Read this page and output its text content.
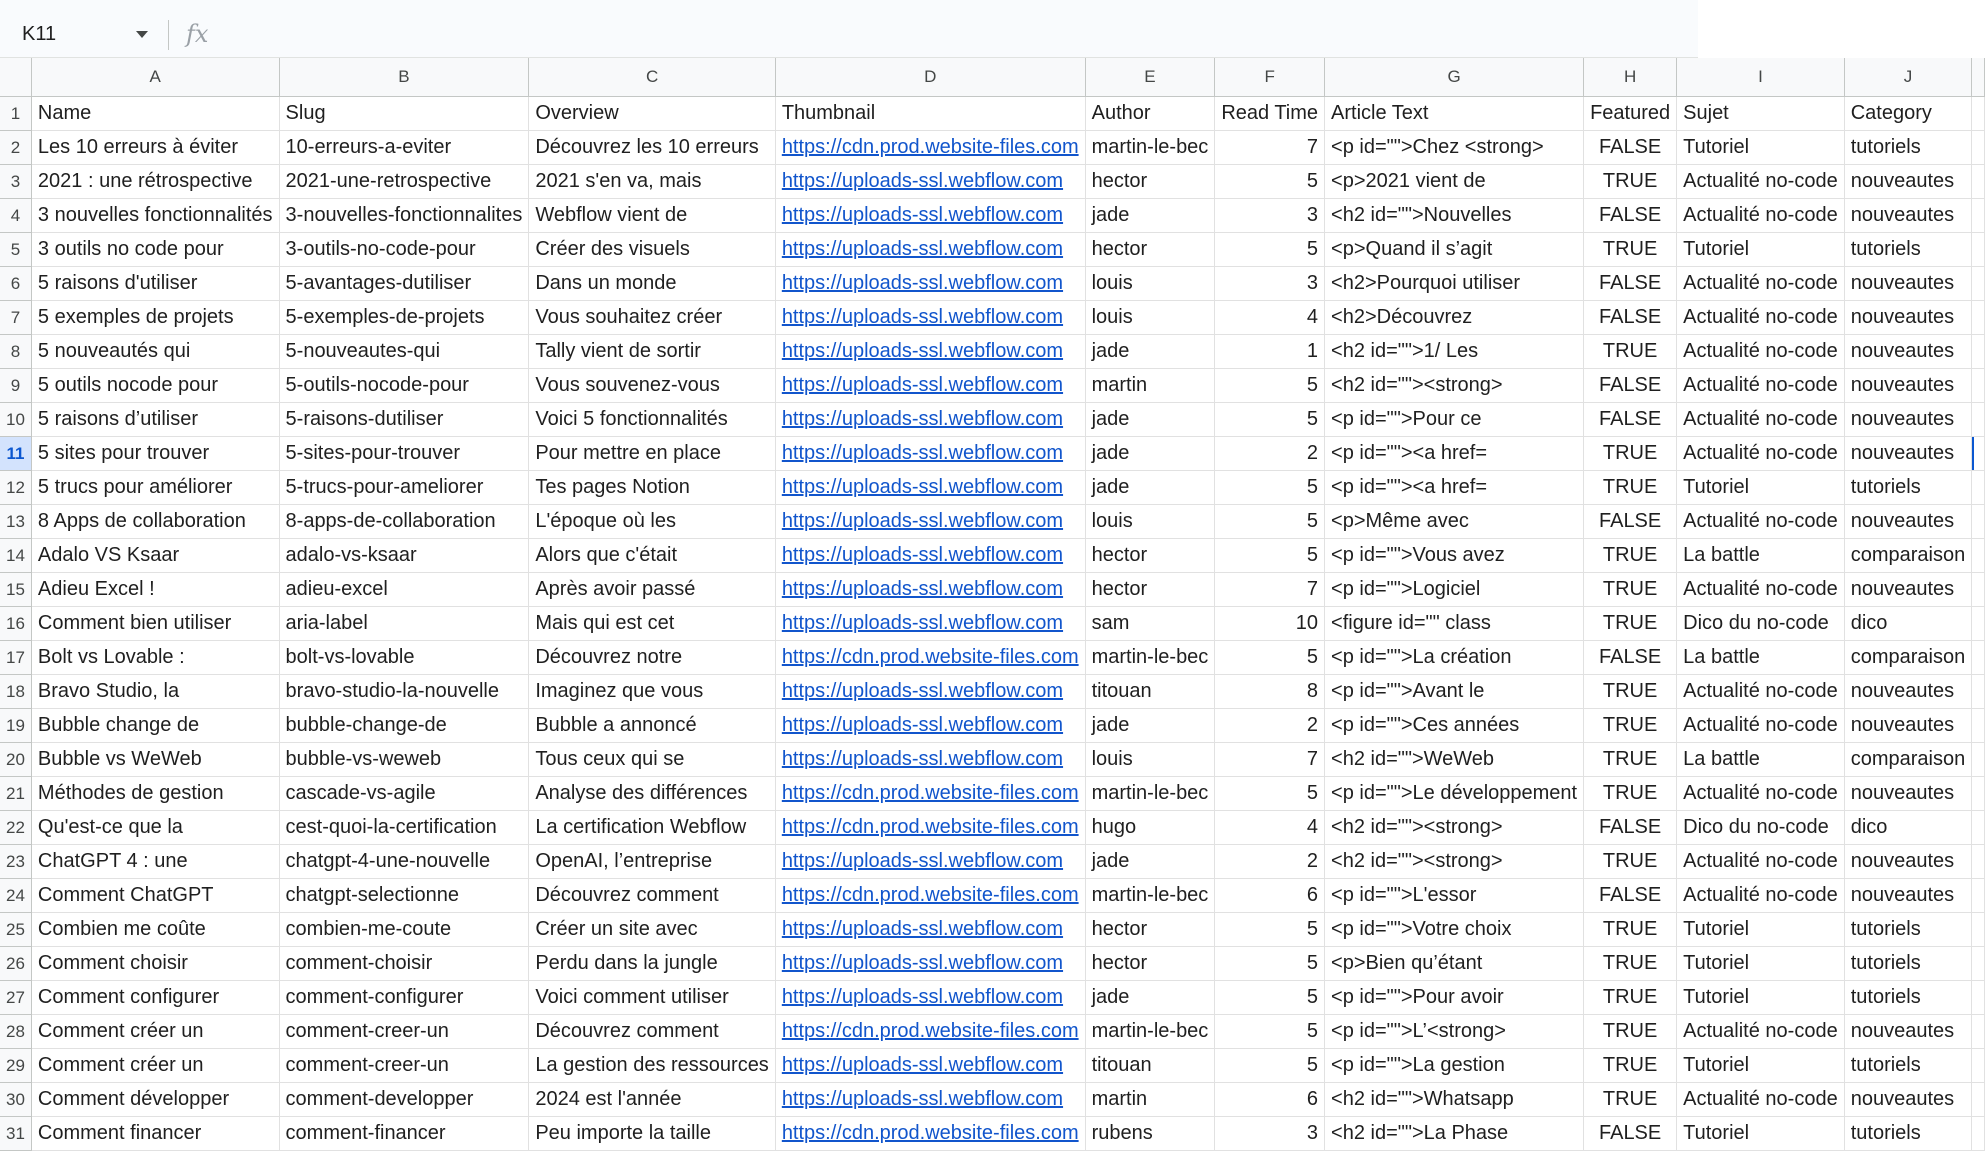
K11	fx
	A	B	C	D	E	F	G	H	I	J	
1	Name	Slug	Overview	Thumbnail	Author	Read Time	Article Text	Featured	Sujet	Category	
2	Les 10 erreurs à éviter	10-erreurs-a-eviter	Découvrez les 10 erreurs	https://cdn.prod.website-files.com	martin-le-bec	7	<p id="">Chez <strong>	FALSE	Tutoriel	tutoriels	
3	2021 : une rétrospective	2021-une-retrospective	2021 s'en va, mais	https://uploads-ssl.webflow.com	hector	5	<p>2021 vient de	TRUE	Actualité no-code	nouveautes	
4	3 nouvelles fonctionnalités	3-nouvelles-fonctionnalites	Webflow vient de	https://uploads-ssl.webflow.com	jade	3	<h2 id="">Nouvelles	FALSE	Actualité no-code	nouveautes	
5	3 outils no code pour	3-outils-no-code-pour	Créer des visuels	https://uploads-ssl.webflow.com	hector	5	<p>Quand il s’agit	TRUE	Tutoriel	tutoriels	
6	5 raisons d'utiliser	5-avantages-dutiliser	Dans un monde	https://uploads-ssl.webflow.com	louis	3	<h2>Pourquoi utiliser	FALSE	Actualité no-code	nouveautes	
7	5 exemples de projets	5-exemples-de-projets	Vous souhaitez créer	https://uploads-ssl.webflow.com	louis	4	<h2>Découvrez	FALSE	Actualité no-code	nouveautes	
8	5 nouveautés qui	5-nouveautes-qui	Tally vient de sortir	https://uploads-ssl.webflow.com	jade	1	<h2 id="">1/ Les	TRUE	Actualité no-code	nouveautes	
9	5 outils nocode pour	5-outils-nocode-pour	Vous souvenez-vous	https://uploads-ssl.webflow.com	martin	5	<h2 id=""><strong>	FALSE	Actualité no-code	nouveautes	
10	5 raisons d’utiliser	5-raisons-dutiliser	Voici 5 fonctionnalités	https://uploads-ssl.webflow.com	jade	5	<p id="">Pour ce	FALSE	Actualité no-code	nouveautes	
11	5 sites pour trouver	5-sites-pour-trouver	Pour mettre en place	https://uploads-ssl.webflow.com	jade	2	<p id=""><a href=	TRUE	Actualité no-code	nouveautes	
12	5 trucs pour améliorer	5-trucs-pour-ameliorer	Tes pages Notion	https://uploads-ssl.webflow.com	jade	5	<p id=""><a href=	TRUE	Tutoriel	tutoriels	
13	8 Apps de collaboration	8-apps-de-collaboration	L'époque où les	https://uploads-ssl.webflow.com	louis	5	<p>Même avec	FALSE	Actualité no-code	nouveautes	
14	Adalo VS Ksaar	adalo-vs-ksaar	Alors que c'était	https://uploads-ssl.webflow.com	hector	5	<p id="">Vous avez	TRUE	La battle	comparaison	
15	Adieu Excel !	adieu-excel	Après avoir passé	https://uploads-ssl.webflow.com	hector	7	<p id="">Logiciel	TRUE	Actualité no-code	nouveautes	
16	Comment bien utiliser	aria-label	Mais qui est cet	https://uploads-ssl.webflow.com	sam	10	<figure id="" class	TRUE	Dico du no-code	dico	
17	Bolt vs Lovable :	bolt-vs-lovable	Découvrez notre	https://cdn.prod.website-files.com	martin-le-bec	5	<p id="">La création	FALSE	La battle	comparaison	
18	Bravo Studio, la	bravo-studio-la-nouvelle	Imaginez que vous	https://uploads-ssl.webflow.com	titouan	8	<p id="">Avant le	TRUE	Actualité no-code	nouveautes	
19	Bubble change de	bubble-change-de	Bubble a annoncé	https://uploads-ssl.webflow.com	jade	2	<p id="">Ces années	TRUE	Actualité no-code	nouveautes	
20	Bubble vs WeWeb	bubble-vs-weweb	Tous ceux qui se	https://uploads-ssl.webflow.com	louis	7	<h2 id="">WeWeb	TRUE	La battle	comparaison	
21	Méthodes de gestion	cascade-vs-agile	Analyse des différences	https://cdn.prod.website-files.com	martin-le-bec	5	<p id="">Le développement	TRUE	Actualité no-code	nouveautes	
22	Qu'est-ce que la	cest-quoi-la-certification	La certification Webflow	https://cdn.prod.website-files.com	hugo	4	<h2 id=""><strong>	FALSE	Dico du no-code	dico	
23	ChatGPT 4 : une	chatgpt-4-une-nouvelle	OpenAI, l’entreprise	https://uploads-ssl.webflow.com	jade	2	<h2 id=""><strong>	TRUE	Actualité no-code	nouveautes	
24	Comment ChatGPT	chatgpt-selectionne	Découvrez comment	https://cdn.prod.website-files.com	martin-le-bec	6	<p id="">L'essor	FALSE	Actualité no-code	nouveautes	
25	Combien me coûte	combien-me-coute	Créer un site avec	https://uploads-ssl.webflow.com	hector	5	<p id="">Votre choix	TRUE	Tutoriel	tutoriels	
26	Comment choisir	comment-choisir	Perdu dans la jungle	https://uploads-ssl.webflow.com	hector	5	<p>Bien qu’étant	TRUE	Tutoriel	tutoriels	
27	Comment configurer	comment-configurer	Voici comment utiliser	https://uploads-ssl.webflow.com	jade	5	<p id="">Pour avoir	TRUE	Tutoriel	tutoriels	
28	Comment créer un	comment-creer-un	Découvrez comment	https://cdn.prod.website-files.com	martin-le-bec	5	<p id="">L’<strong>	TRUE	Actualité no-code	nouveautes	
29	Comment créer un	comment-creer-un	La gestion des ressources	https://uploads-ssl.webflow.com	titouan	5	<p id="">La gestion	TRUE	Tutoriel	tutoriels	
30	Comment développer	comment-developper	2024 est l'année	https://uploads-ssl.webflow.com	martin	6	<h2 id="">Whatsapp	TRUE	Actualité no-code	nouveautes	
31	Comment financer	comment-financer	Peu importe la taille	https://cdn.prod.website-files.com	rubens	3	<h2 id="">La Phase	FALSE	Tutoriel	tutoriels	
